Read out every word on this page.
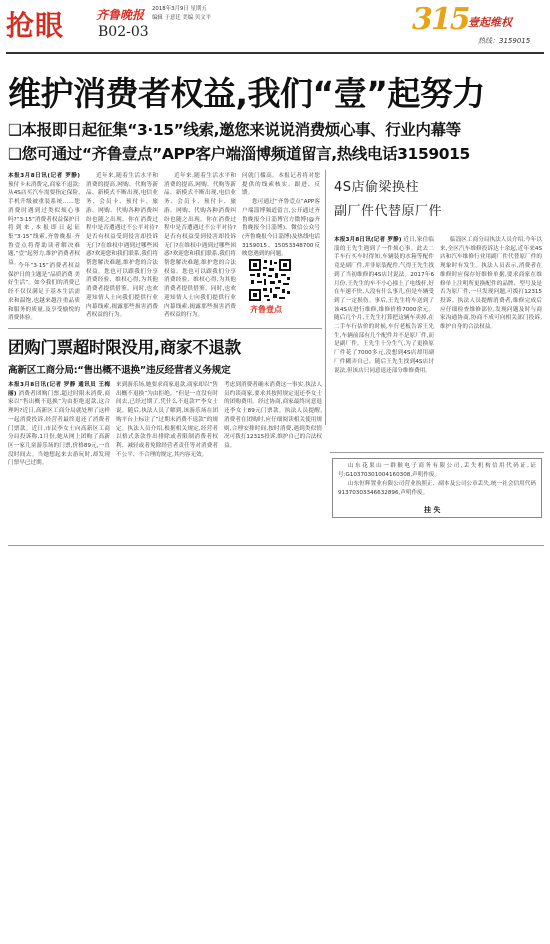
抢眼	齐鲁晚报 2018年3月9日 星期五
编辑 于意廷 美编 贝文平
B02-03	315 壹起维权
热线：3159015
维护消费者权益,我们“壹”起努力
❑本报即日起征集“3·15”线索,邀您来说说消费烦心事、行业内幕等
❑您可通过“齐鲁壹点”APP客户端淄博频道留言,热线电话3159015
本报3月8日讯(记者 罗静) 预付卡未消费完,商家不退款;从4S店买汽车需要指定保险,手机升级被重装系统……您消费时遇到过类似烦心事吗?“3·15”消费者权益保护日将到来,本报即日起征集“3·15”线索,齐鲁晚报·齐鲁壹点将帮助读者解决难题,“壹”起努力,维护消费者权益。
今年“3·15”消费者权益保护日的主题是“品质消费 美好生活”。如今我们的消费已经不仅仅满足于基本生活需求和温饱,也越来越注重品质和服务的质量,及享受愉悦的消费体验。
近年来,随着生活水平和消费的提高,网购、代购等新品、新模式不断出现,电信业务、会员卡、预付卡、旅游、网购、代购各种消费纠纷也随之出现。你在消费过程中是否遭遇过不公平对待?是否有权益受到侵害却投诉无门?在维权中遇到过哪些困惑?欢迎您和我们联系,我们将帮您解决难题,维护您的合法权益。您也可以跟我们分享消费经验、维权心得,为其他消费者提供借鉴。同时,也欢迎知情人士向我们提供行业内幕线索,揭露那些损害消费者权益的行为。
近年来,随着生活水平和消费的提高,网购、代购等新品、新模式不断出现,电信业务、会员卡、预付卡、旅游、网购、代购各种消费纠纷也随之出现。你在消费过程中是否遭遇过不公平对待?是否有权益受到侵害却投诉无门?在维权中遇到过哪些困惑?欢迎您和我们联系,我们将帮您解决难题,维护您的合法权益。您也可以跟我们分享消费经验、维权心得,为其他消费者提供借鉴。同时,也欢迎知情人士向我们提供行业内幕线索,揭露那些损害消费者权益的行为。
问就门槛高。本报记者将对您提供的线索核实、跟进、反馈。
您可通过“齐鲁壹点”APP客户端淄博频道留言,公开通过齐鲁晚报今日淄博官方微博(@齐鲁晚报今日淄博)、微信公众号(齐鲁晚报今日淄博)及热线电话3159015、15053348700反映您遇到的问题。
齐鲁壹点
团购门票超时限没用,商家不退款
高新区工商分局:“售出概不退换”违反经营者义务规定
本报3月8日讯(记者 罗静 通讯员 王梅丽) 消费者团购门票,超过时限未消费,商家以“售出概不退换”为由拒绝退款,这合理吗?近日,高新区工商分局就处理了这样一起消费投诉,经营者最终退还了消费者门票款。近日,市民李女士向高新区工商分局投诉称,1月份,她从网上团购了高新区一家儿童游乐场的门票,价格89元,一直没时间去。当她想起来去游玩时,却发现门票早已过期。
来到游乐场,她要求商家退款,商家却以“售出概不退换”为由拒绝。“但是一直没有时间去,已经过期了,凭什么不退款?”李女士说。随后,执法人员了解到,该游乐场在团购平台上标注了“过期未消费不退款”的规定。执法人员介绍,根据相关规定,经营者以格式条款作出排除或者限制消费者权利、减轻或者免除经营者责任等对消费者不公平、不合理的规定,其内容无效。
考虑到消费者确未消费这一事实,执法人员约谈商家,要求其按照规定退还李女士的团购费用。经过协商,商家最终同意退还李女士89元门票款。执法人员提醒,消费者在团购时,应仔细阅读相关使用规则,合理安排时间,按时消费,遇到类似情况可拨打12315投诉,维护自己的合法权益。
4S店偷梁换柱
副厂件代替原厂件
本报3月8日讯(记者 罗静) 近日,家住临淄的王先生遇到了一件烦心事。此去二手车行买车时得知,车辆装的水箱等配件竟是副厂件,并非原装配件,气得王先生找到了当初维修的4S店讨说法。2017年6月份,王先生的车不小心撞上了电线杆,好在车速不快,人没有什么事儿,但是车辆受到了一定损伤。事后,王先生将车送到了该4S店进行维修,维修价格7000余元。随后几个月,王先生打算把这辆车卖掉,在二手车行估价的时候,车行老板告诉王先生,车辆前部有几个配件并不是原厂件,而是副厂件。王先生十分生气,为了更换原厂件花了7000多元,没想到4S店却用副厂件糊弄自己。随后王先生找到4S店讨说法,但该店只同意退还部分维修费用。
临淄区工商分局执法人员介绍,今年以来,全区汽车维修投诉达十余起,近年来4S店和汽车维修行业用副厂件代替原厂件的现象时有发生。执法人员表示,消费者在维修时应保存好维修单据,要求商家在维修单上注明所更换配件的品牌、型号及是否为原厂件,一旦发现问题,可拨打12315投诉。执法人员提醒消费者,维修完成后应仔细检查维修部位,发现问题及时与商家沟通协商,协商不成可向相关部门投诉,维护自身的合法权益。
山东花果山一群猴电子商务有限公司,丢失机构信用代码证,证号:G10370301004160308,声明作废。
山东恒辉置业有限公司营业执照正、副本及公司公章丢失,统一社会信用代码91370303346632896,声明作废。
挂 失
